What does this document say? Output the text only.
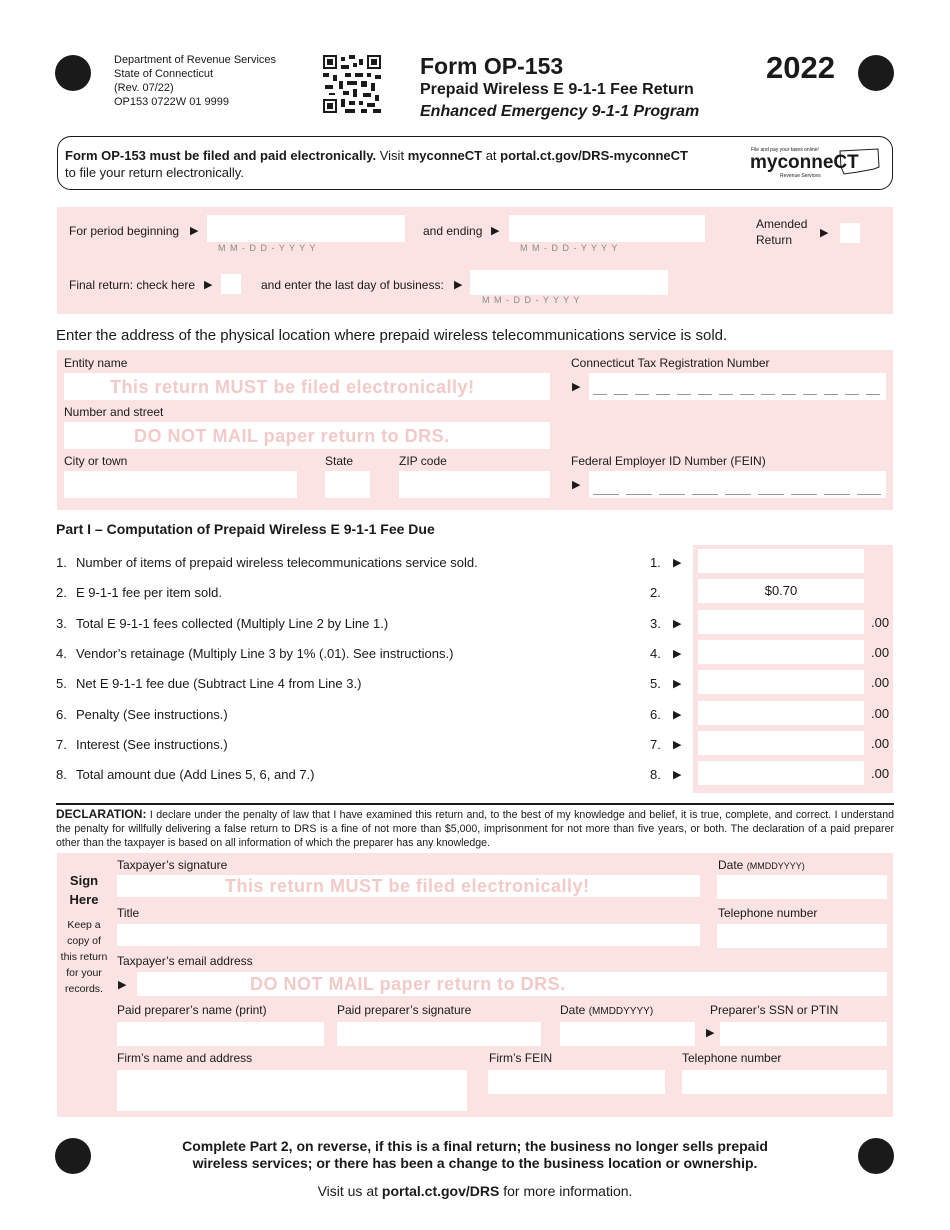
Department of Revenue Services
State of Connecticut
(Rev. 07/22)
OP153 0722W 01 9999
Form OP-153
Prepaid Wireless E 9-1-1 Fee Return
Enhanced Emergency 9-1-1 Program
2022
Form OP-153 must be filed and paid electronically. Visit myconneCT at portal.ct.gov/DRS-myconneCT
to file your return electronically.
File and pay your taxes online!
myconneCT
Revenue Services
For period beginning ▶
M M - D D - Y Y Y Y
and ending ▶
M M - D D - Y Y Y Y
Amended
Return	▶
Final return: check here ▶	and enter the last day of business: ▶
M M - D D - Y Y Y Y
Enter the address of the physical location where prepaid wireless telecommunications service is sold.
Entity name
This return MUST be filed electronically!
Number and street
DO NOT MAIL paper return to DRS.
City or town	State	ZIP code
Connecticut Tax Registration Number
▶
Federal Employer ID Number (FEIN)
▶
Part I – Computation of Prepaid Wireless E 9-1-1 Fee Due
1. Number of items of prepaid wireless telecommunications service sold.	1. ▶
2. E 9-1-1 fee per item sold.	2.	$0.70
3. Total E 9-1-1 fees collected (Multiply Line 2 by Line 1.)	3. ▶	.00
4. Vendor’s retainage (Multiply Line 3 by 1% (.01). See instructions.)	4. ▶	.00
5. Net E 9-1-1 fee due (Subtract Line 4 from Line 3.)	5. ▶	.00
6. Penalty (See instructions.)	6. ▶	.00
7. Interest (See instructions.)	7. ▶	.00
8. Total amount due (Add Lines 5, 6, and 7.)	8. ▶	.00
DECLARATION: I declare under the penalty of law that I have examined this return and, to the best of my knowledge and belief, it is true, complete, and correct. I understand the penalty for willfully delivering a false return to DRS is a fine of not more than $5,000, imprisonment for not more than five years, or both. The declaration of a paid preparer other than the taxpayer is based on all information of which the preparer has any knowledge.
Sign
Here
Keep a copy of this return for your records.
Taxpayer’s signature
This return MUST be filed electronically!
Date (MMDDYYYY)
Title	Telephone number
Taxpayer’s email address
▶	DO NOT MAIL paper return to DRS.
Paid preparer’s name (print)	Paid preparer’s signature	Date (MMDDYYYY)	Preparer’s SSN or PTIN
▶
Firm’s name and address	Firm’s FEIN	Telephone number
Complete Part 2, on reverse, if this is a final return; the business no longer sells prepaid
wireless services; or there has been a change to the business location or ownership.
Visit us at portal.ct.gov/DRS for more information.
